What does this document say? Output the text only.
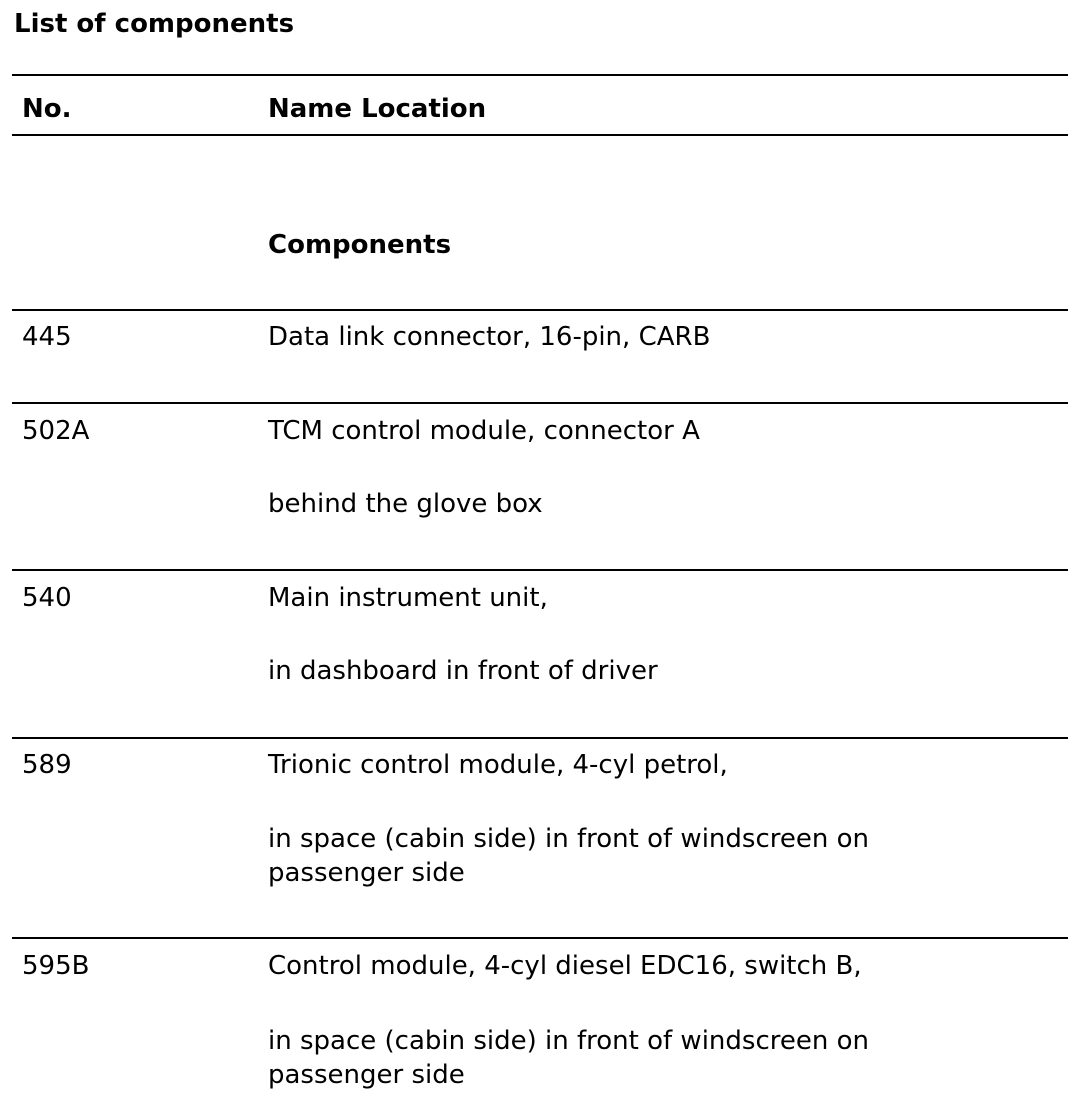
List of components
No.	Name Location
Components
445	Data link connector, 16-pin, CARB
502A	TCM control module, connector A
behind the glove box
540	Main instrument unit,
in dashboard in front of driver
589	Trionic control module, 4-cyl petrol,
in space (cabin side) in front of windscreen on passenger side
595B	Control module, 4-cyl diesel EDC16, switch B,
in space (cabin side) in front of windscreen on passenger side
